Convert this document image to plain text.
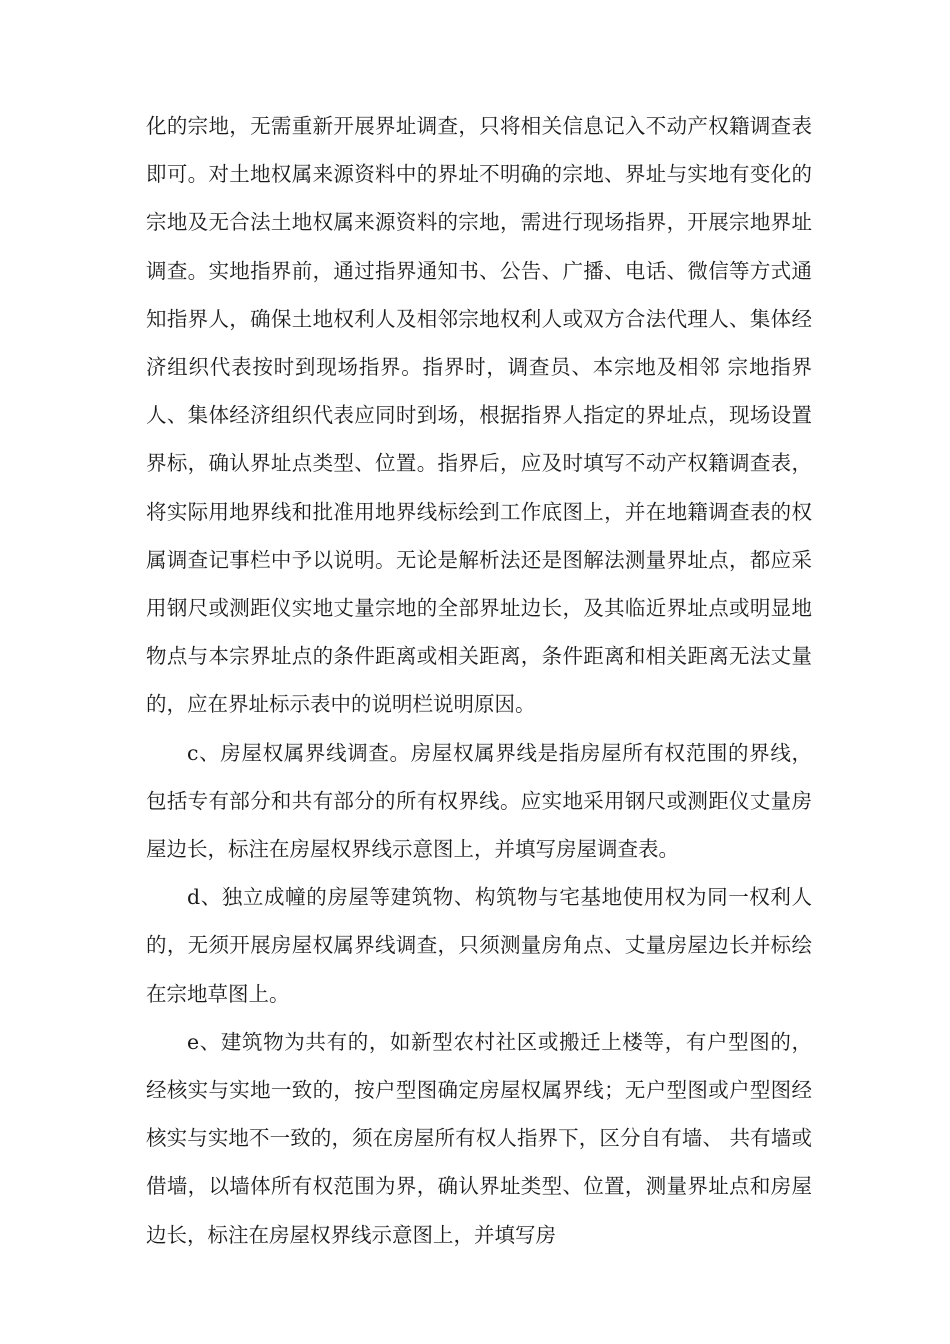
化的宗地，无需重新开展界址调查，只将相关信息记入不动产权籍调查表即可。对土地权属来源资料中的界址不明确的宗地、界址与实地有变化的宗地及无合法土地权属来源资料的宗地，需进行现场指界，开展宗地界址调查。实地指界前，通过指界通知书、公告、广播、电话、微信等方式通知指界人，确保土地权利人及相邻宗地权利人或双方合法代理人、集体经济组织代表按时到现场指界。指界时，调查员、本宗地及相邻 宗地指界人、集体经济组织代表应同时到场，根据指界人指定的界址点，现场设置界标，确认界址点类型、位置。指界后，应及时填写不动产权籍调查表，将实际用地界线和批准用地界线标绘到工作底图上，并在地籍调查表的权属调查记事栏中予以说明。无论是解析法还是图解法测量界址点，都应采用钢尺或测距仪实地丈量宗地的全部界址边长，及其临近界址点或明显地物点与本宗界址点的条件距离或相关距离，条件距离和相关距离无法丈量的，应在界址标示表中的说明栏说明原因。

c、房屋权属界线调查。房屋权属界线是指房屋所有权范围的界线，包括专有部分和共有部分的所有权界线。应实地采用钢尺或测距仪丈量房屋边长，标注在房屋权界线示意图上，并填写房屋调查表。

d、独立成幢的房屋等建筑物、构筑物与宅基地使用权为同一权利人的，无须开展房屋权属界线调查，只须测量房角点、丈量房屋边长并标绘在宗地草图上。

e、建筑物为共有的，如新型农村社区或搬迁上楼等，有户型图的， 经核实与实地一致的，按户型图确定房屋权属界线；无户型图或户型图经核实与实地不一致的，须在房屋所有权人指界下，区分自有墙、 共有墙或借墙，以墙体所有权范围为界，确认界址类型、位置，测量界址点和房屋边长，标注在房屋权界线示意图上，并填写房
